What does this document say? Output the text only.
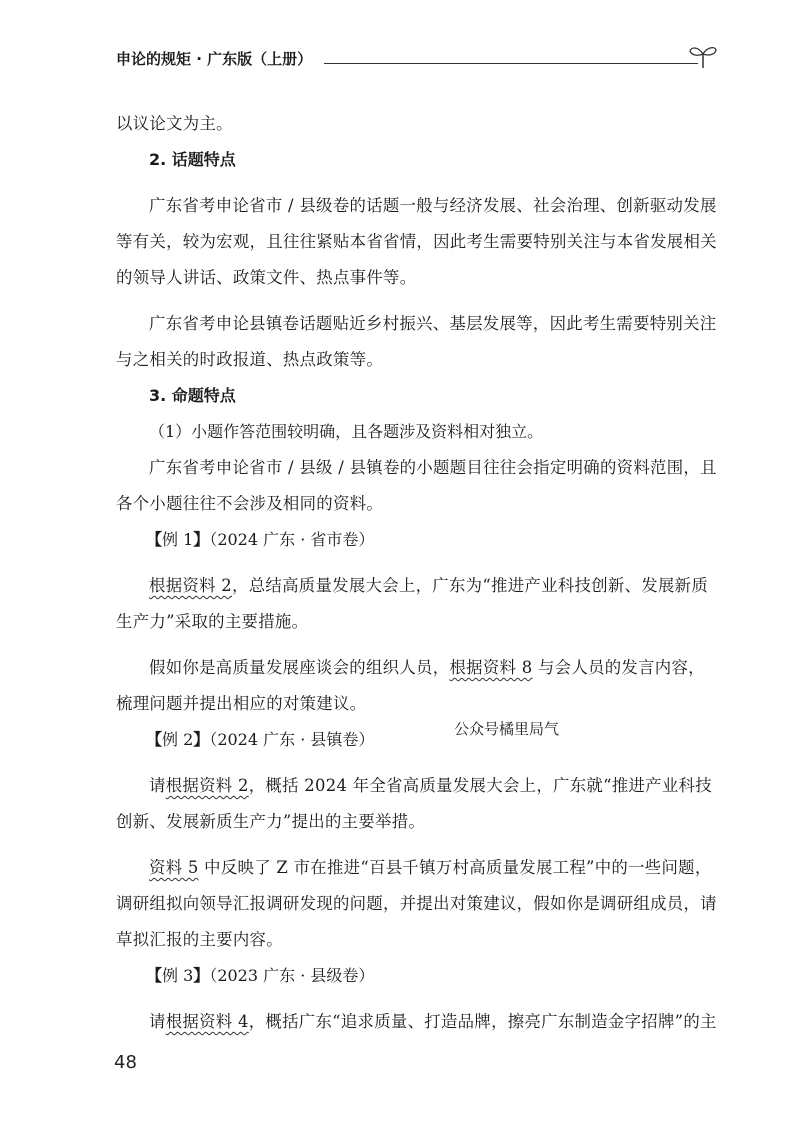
申论的规矩 · 广东版（上册）

以议论文为主。

2. 话题特点

广东省考申论省市 / 县级卷的话题一般与经济发展、社会治理、创新驱动发展等有关，较为宏观，且往往紧贴本省省情，因此考生需要特别关注与本省发展相关的领导人讲话、政策文件、热点事件等。

广东省考申论县镇卷话题贴近乡村振兴、基层发展等，因此考生需要特别关注与之相关的时政报道、热点政策等。

3. 命题特点

（1）小题作答范围较明确，且各题涉及资料相对独立。

广东省考申论省市 / 县级 / 县镇卷的小题题目往往会指定明确的资料范围，且各个小题往往不会涉及相同的资料。

【例 1】（2024 广东 · 省市卷）

根据资料 2，总结高质量发展大会上，广东为“推进产业科技创新、发展新质生产力”采取的主要措施。

假如你是高质量发展座谈会的组织人员，根据资料 8 与会人员的发言内容，梳理问题并提出相应的对策建议。

【例 2】（2024 广东 · 县镇卷）

请根据资料 2，概括 2024 年全省高质量发展大会上，广东就“推进产业科技创新、发展新质生产力”提出的主要举措。

资料 5 中反映了 Z 市在推进“百县千镇万村高质量发展工程”中的一些问题，调研组拟向领导汇报调研发现的问题，并提出对策建议，假如你是调研组成员，请草拟汇报的主要内容。

【例 3】（2023 广东 · 县级卷）

请根据资料 4，概括广东“追求质量、打造品牌，擦亮广东制造金字招牌”的主

公众号橘里局气
48
